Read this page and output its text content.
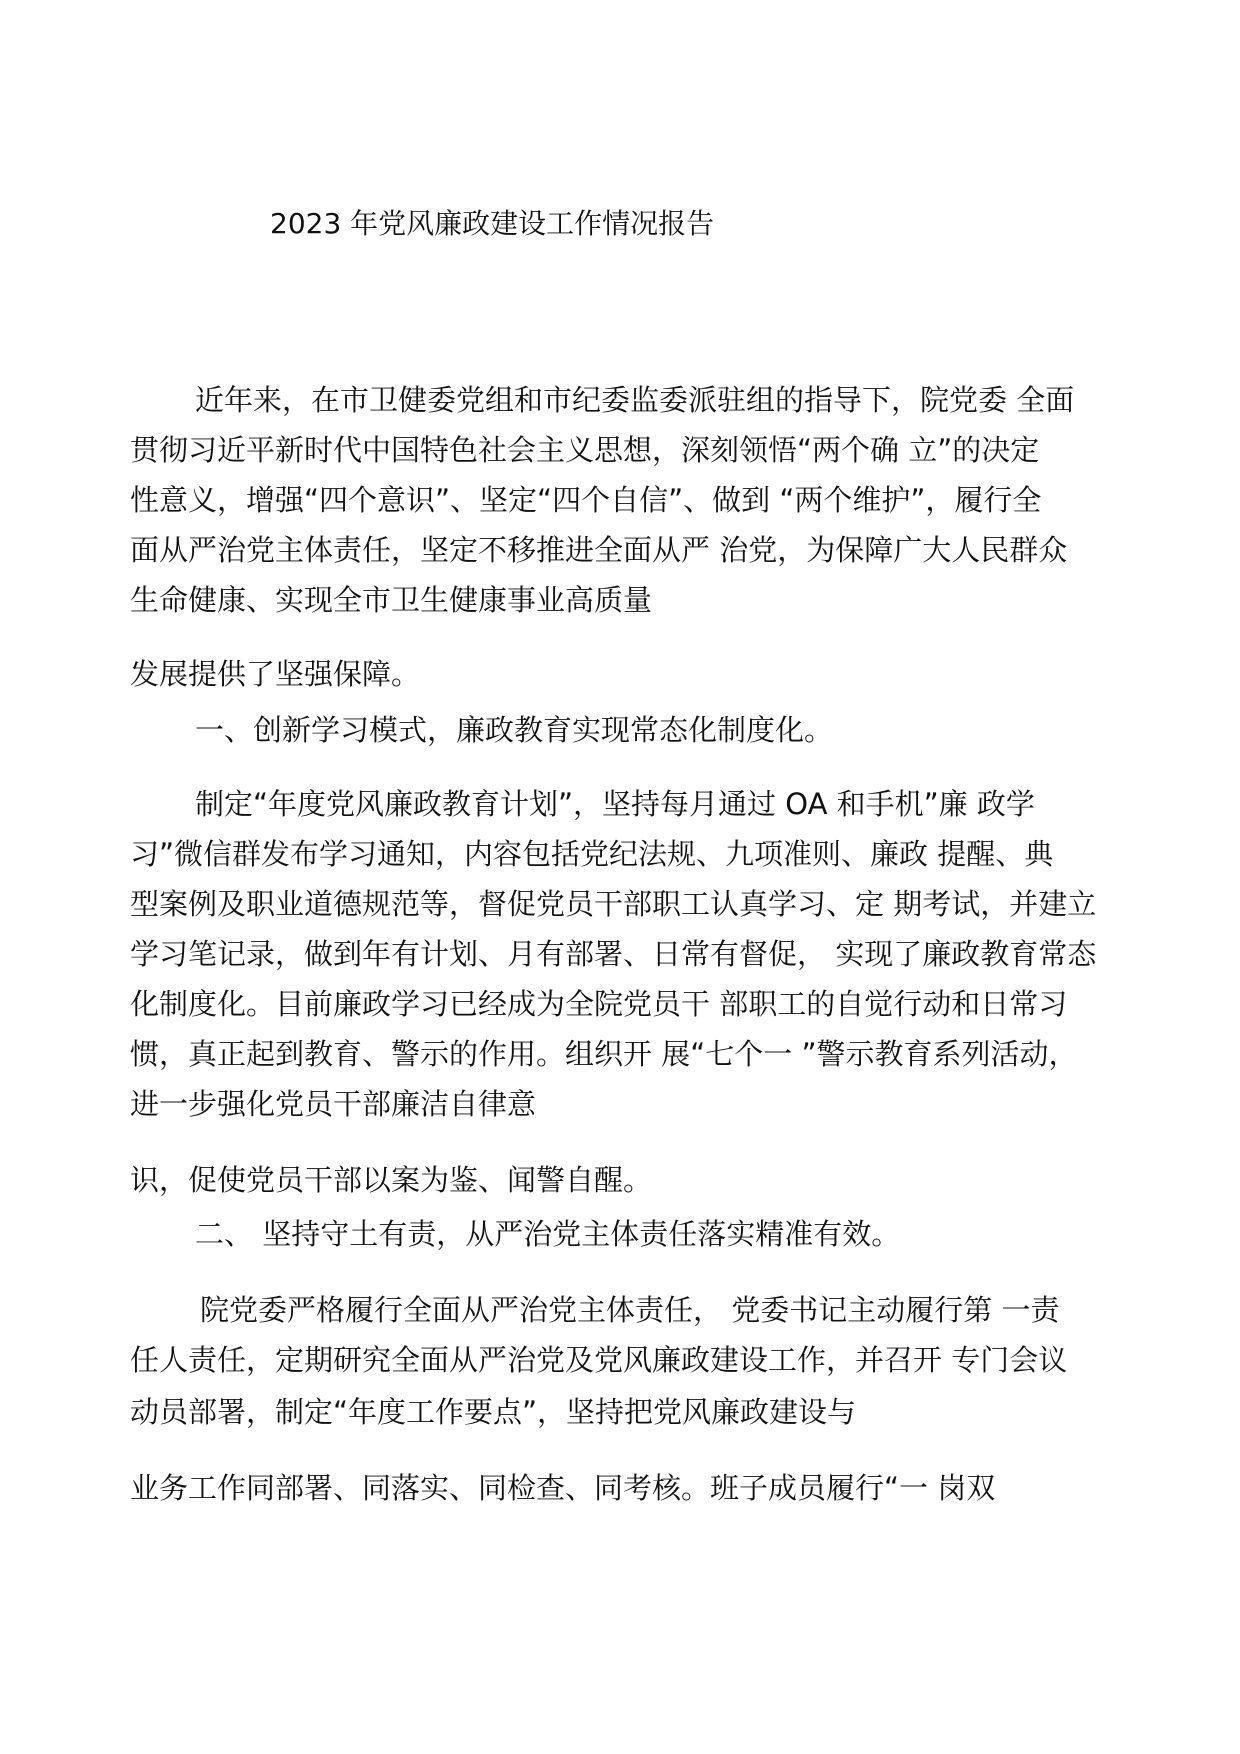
2023 年党风廉政建设工作情况报告

近年来，在市卫健委党组和市纪委监委派驻组的指导下，院党委 全面

贯彻习近平新时代中国特色社会主义思想，深刻领悟“两个确 立”的决定

性意义，增强“四个意识”、坚定“四个自信”、做到 “两个维护”，履行全

面从严治党主体责任，坚定不移推进全面从严 治党，为保障广大人民群众

生命健康、实现全市卫生健康事业高质量

发展提供了坚强保障。

一、创新学习模式，廉政教育实现常态化制度化。

制定“年度党风廉政教育计划”，坚持每月通过 OA 和手机”廉 政学

习”微信群发布学习通知，内容包括党纪法规、九项准则、廉政 提醒、典

型案例及职业道德规范等，督促党员干部职工认真学习、定 期考试，并建立

学习笔记录，做到年有计划、月有部署、日常有督促， 实现了廉政教育常态

化制度化。目前廉政学习已经成为全院党员干 部职工的自觉行动和日常习

惯，真正起到教育、警示的作用。组织开 展“七个一 ”警示教育系列活动，

进一步强化党员干部廉洁自律意

识，促使党员干部以案为鉴、闻警自醒。

二、 坚持守土有责，从严治党主体责任落实精准有效。

院党委严格履行全面从严治党主体责任， 党委书记主动履行第 一责

任人责任，定期研究全面从严治党及党风廉政建设工作，并召开 专门会议

动员部署，制定“年度工作要点”，坚持把党风廉政建设与

业务工作同部署、同落实、同检查、同考核。班子成员履行“一 岗双
